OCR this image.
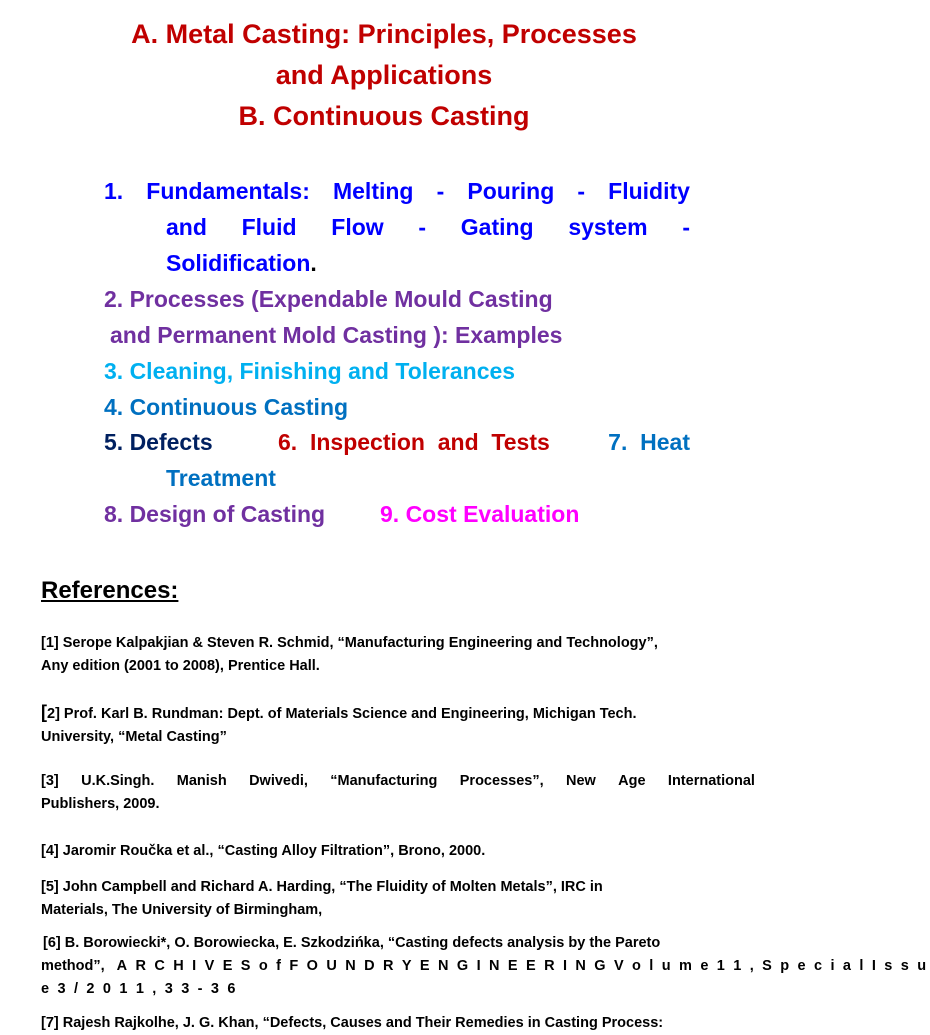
A. Metal Casting: Principles, Processes
and Applications
B. Continuous Casting
1. Fundamentals: Melting - Pouring - Fluidity
and Fluid Flow - Gating system -
Solidification.
2. Processes (Expendable Mould Casting
and Permanent Mold Casting ): Examples
3. Cleaning, Finishing and Tolerances
4. Continuous Casting
5. Defects	6.  Inspection  and  Tests	7.  Heat
Treatment
8. Design of Casting 9. Cost Evaluation
References:
[1] Serope Kalpakjian & Steven R. Schmid, “Manufacturing Engineering and Technology”,
Any edition (2001 to 2008), Prentice Hall.
[2] Prof. Karl B. Rundman: Dept. of Materials Science and Engineering, Michigan Tech.
University, “Metal Casting”
[3] U.K.Singh. Manish Dwivedi, “Manufacturing Processes”, New Age International
Publishers, 2009.
[4] Jaromir Roučka et al., “Casting Alloy Filtration”, Brono, 2000.
[5] John Campbell and Richard A. Harding, “The Fluidity of Molten Metals”, IRC in
Materials, The University of Birmingham,
[6] B. Borowiecki*, O. Borowiecka, E. Szkodzińka, “Casting defects analysis by the Pareto
method”, A R C H I V E S o f F O U N D R Y E N G I N E E R I N G V o l u m e 1 1 , S p e c i a l I s s u
e 3 / 2 0 1 1 , 3 3 - 3 6
[7] Rajesh Rajkolhe, J. G. Khan, “Defects, Causes and Their Remedies in Casting Process:
